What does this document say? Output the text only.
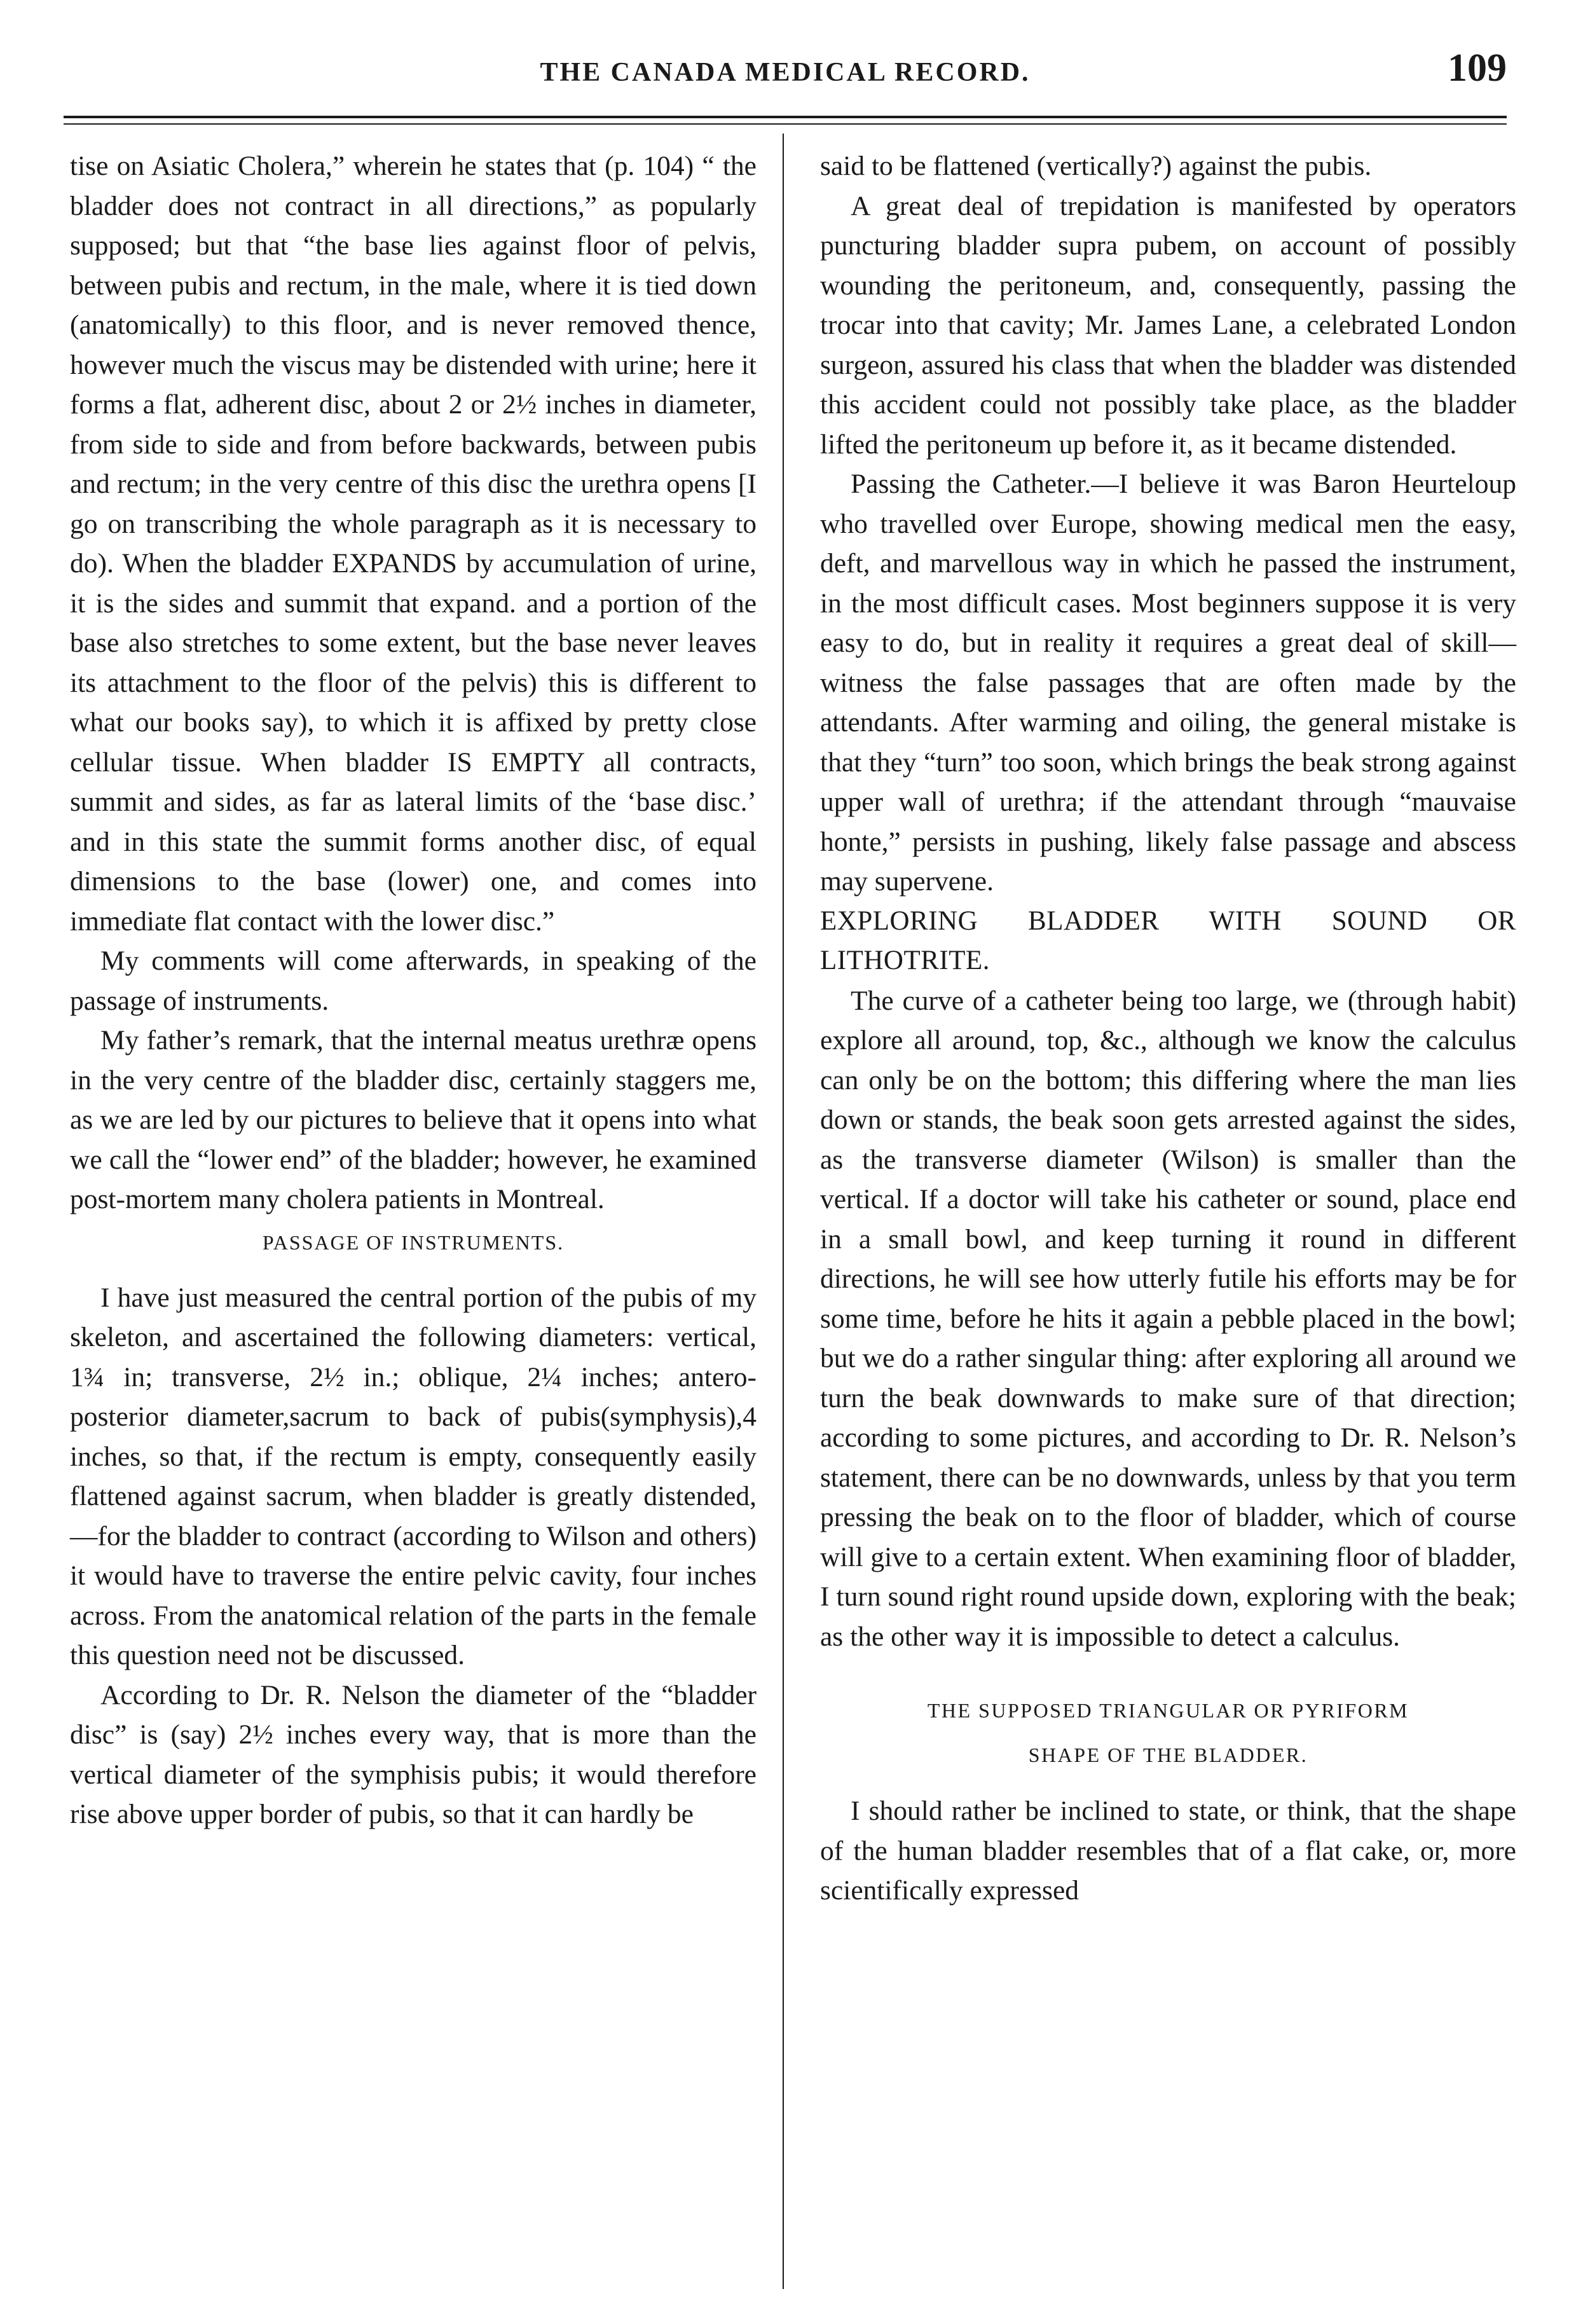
THE CANADA MEDICAL RECORD.	109

tise on Asiatic Cholera,” wherein he states that (p. 104) “ the bladder does not contract in all directions,” as popularly supposed; but that “the base lies against floor of pelvis, between pubis and rectum, in the male, where it is tied down (anatomically) to this floor, and is never removed thence, however much the viscus may be distended with urine; here it forms a flat, adherent disc, about 2 or 2½ inches in diameter, from side to side and from before backwards, between pubis and rectum; in the very centre of this disc the urethra opens [I go on transcribing the whole paragraph as it is necessary to do). When the bladder EXPANDS by accumulation of urine, it is the sides and summit that expand. and a portion of the base also stretches to some extent, but the base never leaves its attachment to the floor of the pelvis) this is different to what our books say), to which it is affixed by pretty close cellular tissue. When bladder IS EMPTY all contracts, summit and sides, as far as lateral limits of the ‘base disc.’ and in this state the summit forms another disc, of equal dimensions to the base (lower) one, and comes into immediate flat contact with the lower disc.”

My comments will come afterwards, in speaking of the passage of instruments.

My father’s remark, that the internal meatus urethræ opens in the very centre of the bladder disc, certainly staggers me, as we are led by our pictures to believe that it opens into what we call the “lower end” of the bladder; however, he examined post-mortem many cholera patients in Montreal.

PASSAGE OF INSTRUMENTS.

I have just measured the central portion of the pubis of my skeleton, and ascertained the following diameters: vertical, 1¾ in; transverse, 2½ in.; oblique, 2¼ inches; antero-posterior diameter,sacrum to back of pubis(symphysis),4 inches, so that, if the rectum is empty, consequently easily flattened against sacrum, when bladder is greatly distended,—for the bladder to contract (according to Wilson and others) it would have to traverse the entire pelvic cavity, four inches across. From the anatomical relation of the parts in the female this question need not be discussed.

According to Dr. R. Nelson the diameter of the “bladder disc” is (say) 2½ inches every way, that is more than the vertical diameter of the symphisis pubis; it would therefore rise above upper border of pubis, so that it can hardly be

said to be flattened (vertically?) against the pubis.

A great deal of trepidation is manifested by operators puncturing bladder supra pubem, on account of possibly wounding the peritoneum, and, consequently, passing the trocar into that cavity; Mr. James Lane, a celebrated London surgeon, assured his class that when the bladder was distended this accident could not possibly take place, as the bladder lifted the peritoneum up before it, as it became distended.

Passing the Catheter.—I believe it was Baron Heurteloup who travelled over Europe, showing medical men the easy, deft, and marvellous way in which he passed the instrument, in the most difficult cases. Most beginners suppose it is very easy to do, but in reality it requires a great deal of skill—witness the false passages that are often made by the attendants. After warming and oiling, the general mistake is that they “turn” too soon, which brings the beak strong against upper wall of urethra; if the attendant through “mauvaise honte,” persists in pushing, likely false passage and abscess may supervene.

EXPLORING BLADDER WITH SOUND OR LITHOTRITE.

The curve of a catheter being too large, we (through habit) explore all around, top, &c., although we know the calculus can only be on the bottom; this differing where the man lies down or stands, the beak soon gets arrested against the sides, as the transverse diameter (Wilson) is smaller than the vertical. If a doctor will take his catheter or sound, place end in a small bowl, and keep turning it round in different directions, he will see how utterly futile his efforts may be for some time, before he hits it again a pebble placed in the bowl; but we do a rather singular thing: after exploring all around we turn the beak downwards to make sure of that direction; according to some pictures, and according to Dr. R. Nelson’s statement, there can be no downwards, unless by that you term pressing the beak on to the floor of bladder, which of course will give to a certain extent. When examining floor of bladder, I turn sound right round upside down, exploring with the beak; as the other way it is impossible to detect a calculus.

THE SUPPOSED TRIANGULAR OR PYRIFORM
SHAPE OF THE BLADDER.

I should rather be inclined to state, or think, that the shape of the human bladder resembles that of a flat cake, or, more scientifically expressed
